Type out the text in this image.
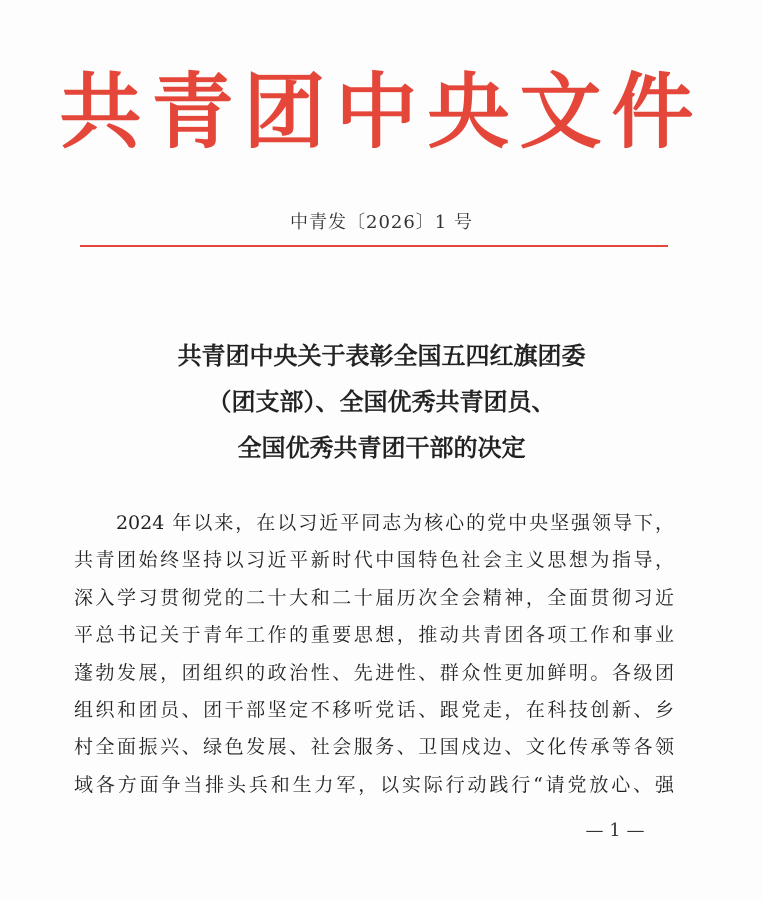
共青团中央文件
中青发〔2026〕1 号
共青团中央关于表彰全国五四红旗团委
（团支部）、全国优秀共青团员、
全国优秀共青团干部的决定
　　2024 年以来，在以习近平同志为核心的党中央坚强领导下，
共青团始终坚持以习近平新时代中国特色社会主义思想为指导，
深入学习贯彻党的二十大和二十届历次全会精神，全面贯彻习近
平总书记关于青年工作的重要思想，推动共青团各项工作和事业
蓬勃发展，团组织的政治性、先进性、群众性更加鲜明。各级团
组织和团员、团干部坚定不移听党话、跟党走，在科技创新、乡
村全面振兴、绿色发展、社会服务、卫国戍边、文化传承等各领
域各方面争当排头兵和生力军，以实际行动践行“请党放心、强
— 1 —
